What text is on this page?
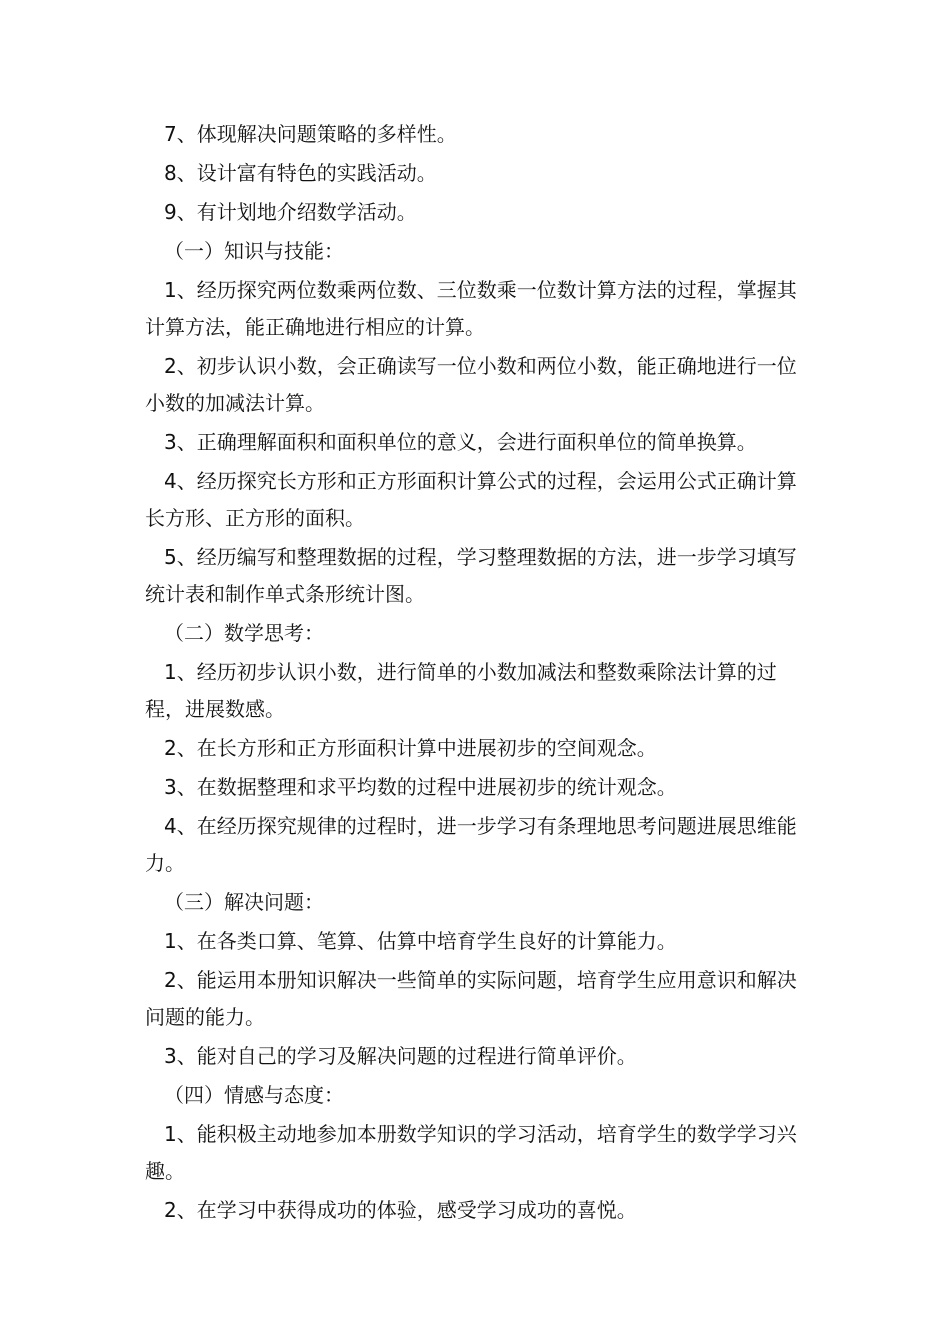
7、体现解决问题策略的多样性。

8、设计富有特色的实践活动。

9、有计划地介绍数学活动。

（一）知识与技能：

1、经历探究两位数乘两位数、三位数乘一位数计算方法的过程，掌握其计算方法，能正确地进行相应的计算。

2、初步认识小数，会正确读写一位小数和两位小数，能正确地进行一位小数的加减法计算。

3、正确理解面积和面积单位的意义，会进行面积单位的简单换算。

4、经历探究长方形和正方形面积计算公式的过程，会运用公式正确计算长方形、正方形的面积。

5、经历编写和整理数据的过程，学习整理数据的方法，进一步学习填写统计表和制作单式条形统计图。

（二）数学思考：

1、经历初步认识小数，进行简单的小数加减法和整数乘除法计算的过程，进展数感。

2、在长方形和正方形面积计算中进展初步的空间观念。

3、在数据整理和求平均数的过程中进展初步的统计观念。

4、在经历探究规律的过程时，进一步学习有条理地思考问题进展思维能力。

（三）解决问题：

1、在各类口算、笔算、估算中培育学生良好的计算能力。

2、能运用本册知识解决一些简单的实际问题，培育学生应用意识和解决问题的能力。

3、能对自己的学习及解决问题的过程进行简单评价。

（四）情感与态度：

1、能积极主动地参加本册数学知识的学习活动，培育学生的数学学习兴趣。

2、在学习中获得成功的体验，感受学习成功的喜悦。
